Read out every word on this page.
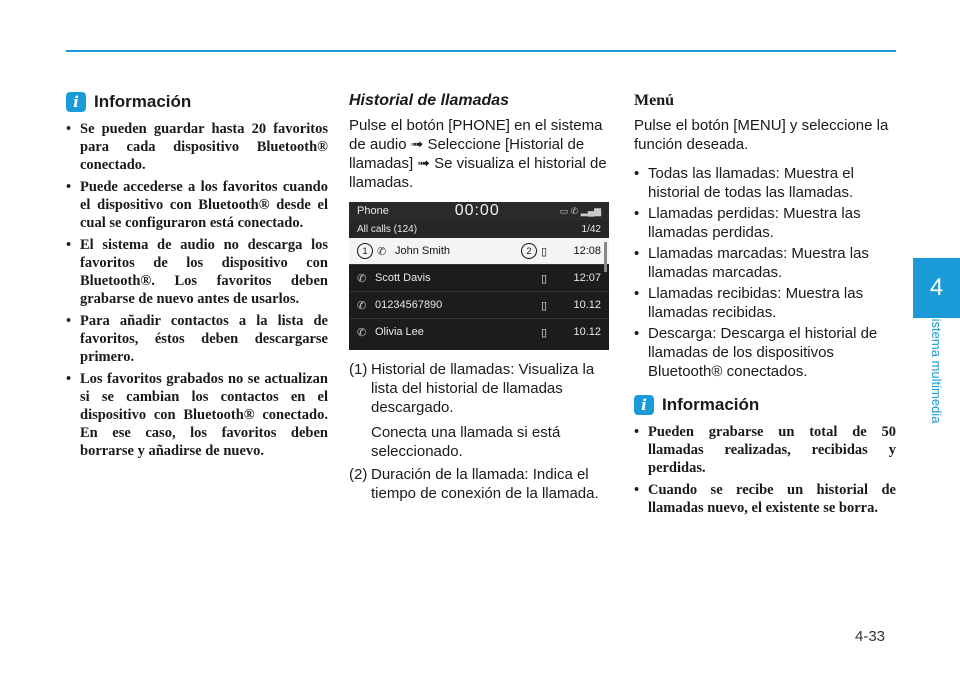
4
Sistema multimedia
4-33
i Información
• Se pueden guardar hasta 20 favoritos para cada dispositivo Bluetooth® conectado.
• Puede accederse a los favoritos cuando el dispositivo con Bluetooth® desde el cual se configuraron está conectado.
• El sistema de audio no descarga los favoritos de los dispositivo con Bluetooth®. Los favoritos deben grabarse de nuevo antes de usarlos.
• Para añadir contactos a la lista de favoritos, éstos deben descargarse primero.
• Los favoritos grabados no se actualizan si se cambian los contactos en el dispositivo con Bluetooth® conectado. En ese caso, los favoritos deben borrarse y añadirse de nuevo.
Historial de llamadas

Pulse el botón [PHONE] en el sistema de audio ➟ Seleccione [Historial de llamadas] ➟ Se visualiza el historial de llamadas.

Phone	00:00	▭ ✆ ▂▄▆
All calls (124)	1/42
1 ✆ John Smith	2 ▯	12:08
✆ Scott Davis	▯	12:07
✆ 01234567890	▯	10.12
✆ Olivia Lee	▯	10.12
(1) Historial de llamadas: Visualiza la lista del historial de llamadas descargado.
Conecta una llamada si está seleccionado.
(2) Duración de la llamada: Indica el tiempo de conexión de la llamada.
Menú

Pulse el botón [MENU] y seleccione la función deseada.

• Todas las llamadas: Muestra el historial de todas las llamadas.
• Llamadas perdidas: Muestra las llamadas perdidas.
• Llamadas marcadas: Muestra las llamadas marcadas.
• Llamadas recibidas: Muestra las llamadas recibidas.
• Descarga: Descarga el historial de llamadas de los dispositivos Bluetooth® conectados.
i Información
• Pueden grabarse un total de 50 llamadas realizadas, recibidas y perdidas.
• Cuando se recibe un historial de llamadas nuevo, el existente se borra.
